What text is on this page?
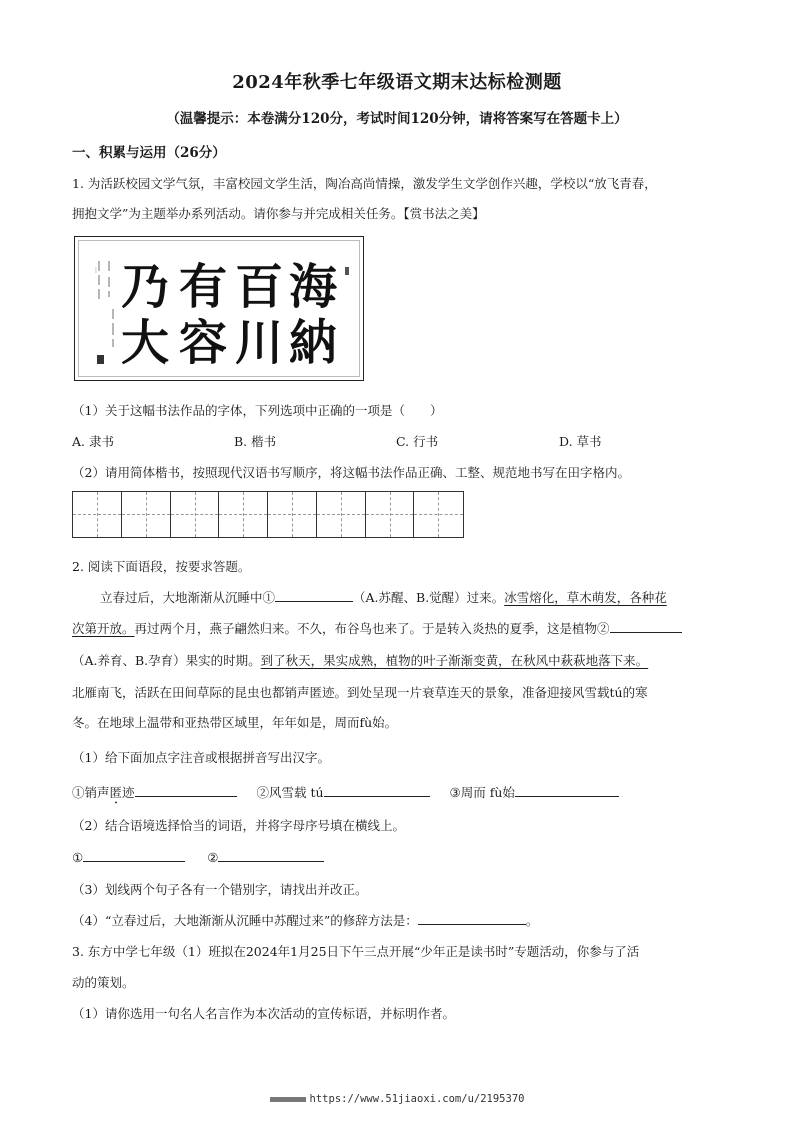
2024年秋季七年级语文期末达标检测题
（温馨提示：本卷满分120分，考试时间120分钟，请将答案写在答题卡上）
一、积累与运用（26分）
1. 为活跃校园文学气氛，丰富校园文学生活，陶冶高尚情操，激发学生文学创作兴趣，学校以“放飞青春，
拥抱文学”为主题举办系列活动。请你参与并完成相关任务。【赏书法之美】
…	海
納
百
川
有
容
乃
大
（1）关于这幅书法作品的字体，下列选项中正确的一项是（　　）
A. 隶书	B. 楷书	C. 行书	D. 草书
（2）请用简体楷书，按照现代汉语书写顺序，将这幅书法作品正确、工整、规范地书写在田字格内。
2. 阅读下面语段，按要求答题。
立春过后，大地渐渐从沉睡中①	（A.苏醒、B.觉醒）过来。冰雪熔化，草木萌发，各种花
次第开放。再过两个月，燕子翩然归来。不久，布谷鸟也来了。于是转入炎热的夏季，这是植物②
（A.养育、B.孕育）果实的时期。到了秋天，果实成熟，植物的叶子渐渐变黄，在秋风中萩萩地落下来。
北雁南飞，活跃在田间草际的昆虫也都销声匿迹。到处呈现一片衰草连天的景象，准备迎接风雪载tú的寒
冬。在地球上温带和亚热带区域里，年年如是，周而fù始。
（1）给下面加点字注音或根据拼音写出汉字。
①销声匿迹	②风雪载 tú	③周而 fù始
（2）结合语境选择恰当的词语，并将字母序号填在横线上。
①	②
（3）划线两个句子各有一个错别字，请找出并改正。
（4）“立春过后，大地渐渐从沉睡中苏醒过来”的修辞方法是：	。
3. 东方中学七年级（1）班拟在2024年1月25日下午三点开展“少年正是读书时”专题活动，你参与了活
动的策划。
（1）请你选用一句名人名言作为本次活动的宣传标语，并标明作者。
https://www.51jiaoxi.com/u/2195370
